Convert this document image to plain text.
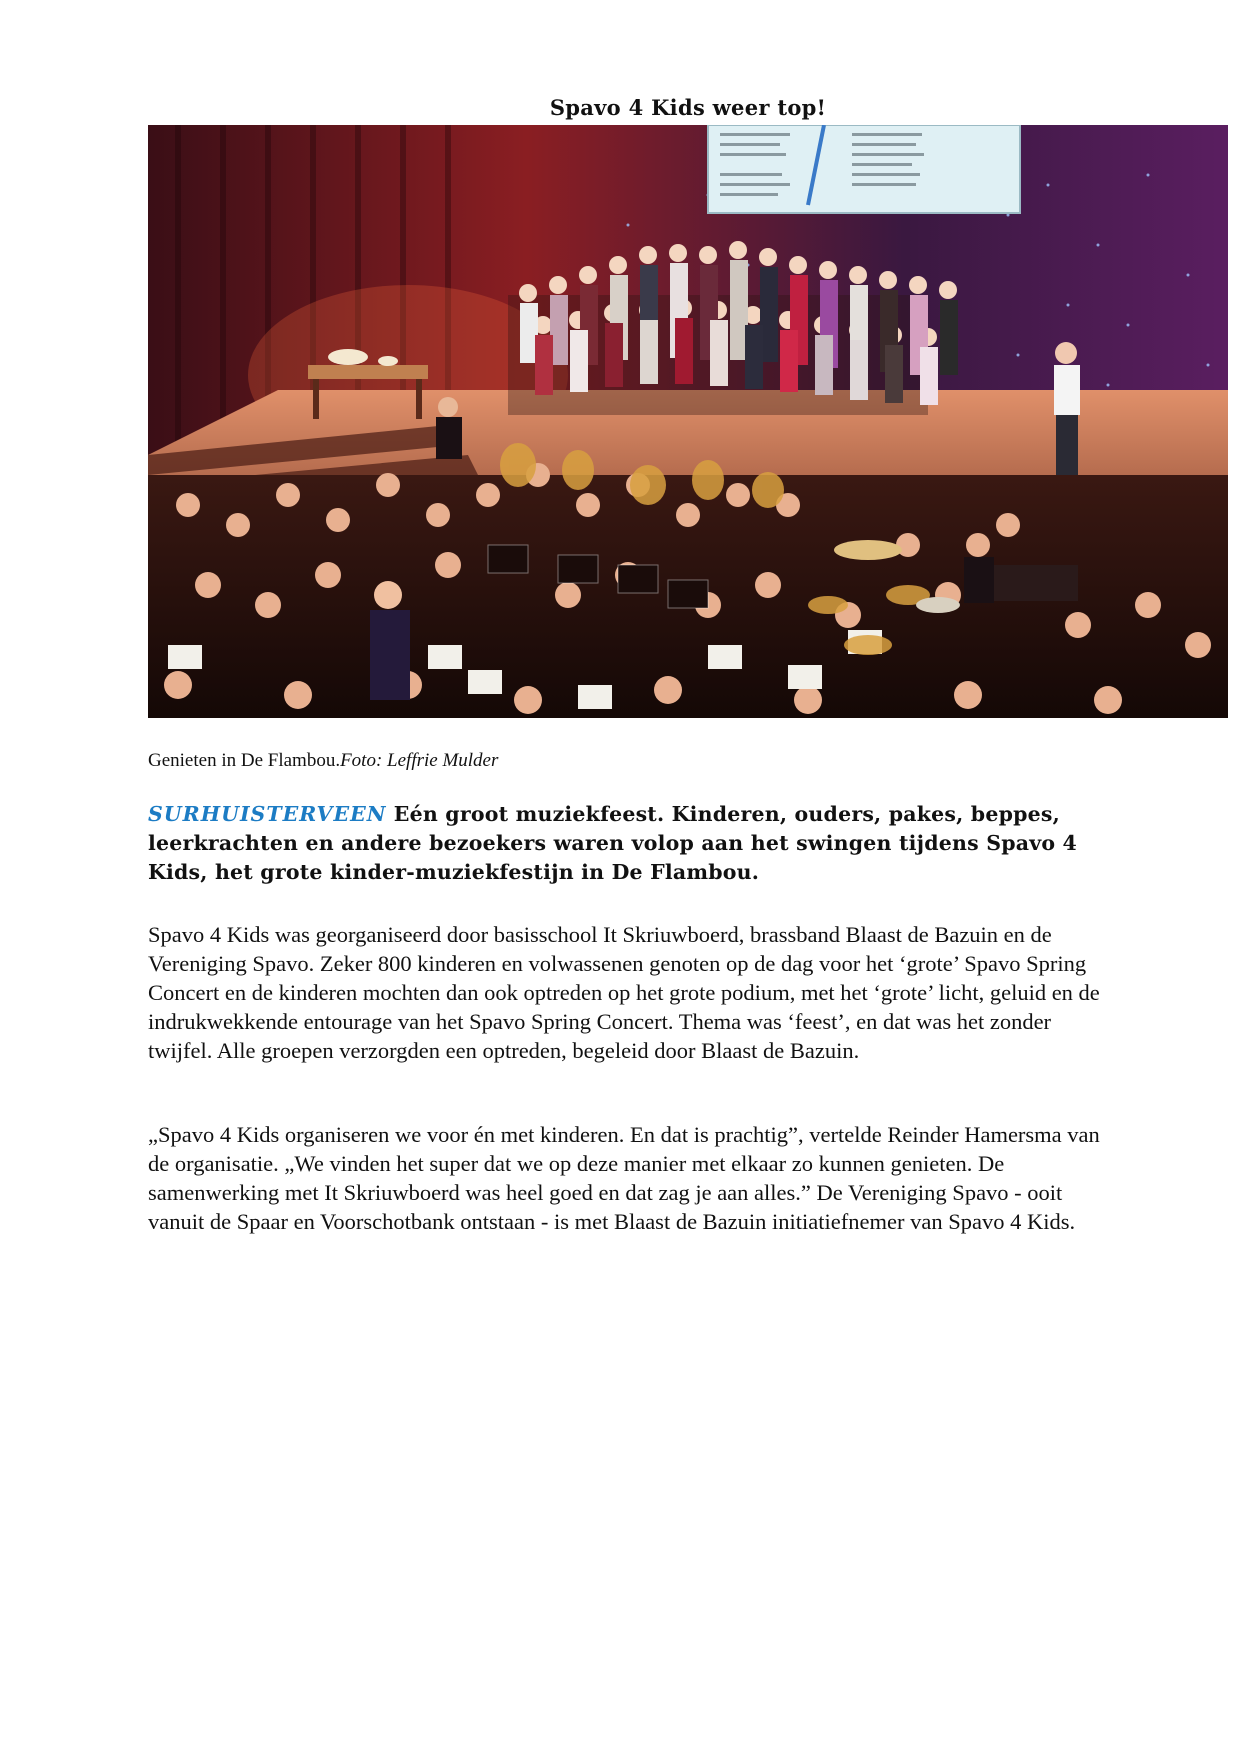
Spavo 4 Kids weer top!
Genieten in De Flambou.Foto: Leffrie Mulder

SURHUISTERVEEN Eén groot muziekfeest. Kinderen, ouders, pakes, beppes, leerkrachten en andere bezoekers waren volop aan het swingen tijdens Spavo 4 Kids, het grote kinder-muziekfestijn in De Flambou.

Spavo 4 Kids was georganiseerd door basisschool It Skriuwboerd, brassband Blaast de Bazuin en de Vereniging Spavo. Zeker 800 kinderen en volwassenen genoten op de dag voor het ‘grote’ Spavo Spring Concert en de kinderen mochten dan ook optreden op het grote podium, met het ‘grote’ licht, geluid en de indrukwekkende entourage van het Spavo Spring Concert. Thema was ‘feest’, en dat was het zonder twijfel. Alle groepen verzorgden een optreden, begeleid door Blaast de Bazuin.

„Spavo 4 Kids organiseren we voor én met kinderen. En dat is prachtig”, vertelde Reinder Hamersma van de organisatie. „We vinden het super dat we op deze manier met elkaar zo kunnen genieten. De samenwerking met It Skriuwboerd was heel goed en dat zag je aan alles.” De Vereniging Spavo - ooit vanuit de Spaar en Voorschotbank ontstaan - is met Blaast de Bazuin initiatiefnemer van Spavo 4 Kids.
